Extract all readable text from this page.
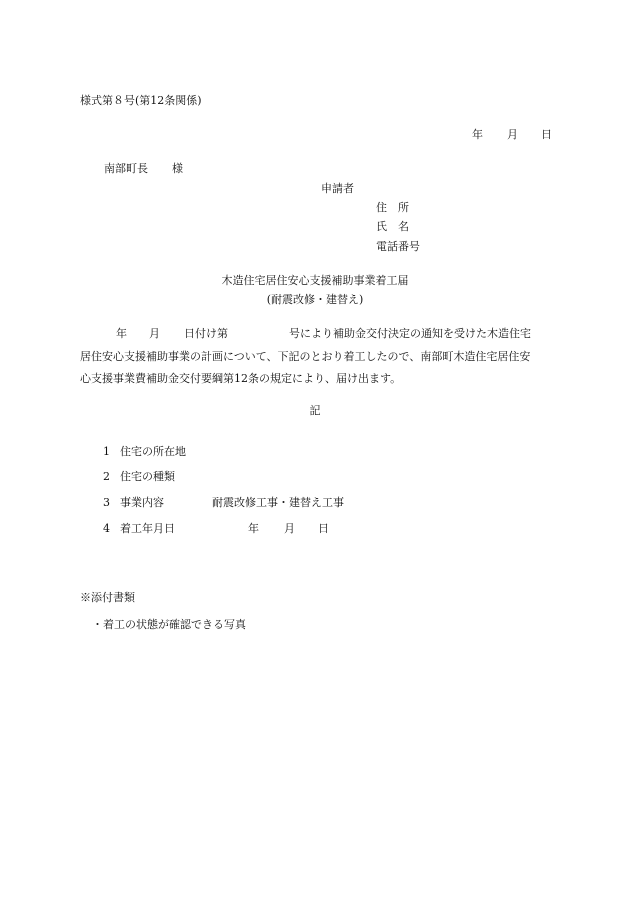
様式第８号(第12条関係)
年 月 日
南部町長 様
申請者
住　所
氏　名
電話番号
木造住宅居住安心支援補助事業着工届
(耐震改修・建替え)
年 月 日付け第	号により補助金交付決定の通知を受けた木造住宅
居住安心支援補助事業の計画について、下記のとおり着工したので、南部町木造住宅居住安
心支援事業費補助金交付要綱第12条の規定により、届け出ます。
記
1 住宅の所在地
2 住宅の種類
3 事業内容	耐震改修工事・建替え工事
4 着工年月日	年 月 日
※添付書類
・着工の状態が確認できる写真
